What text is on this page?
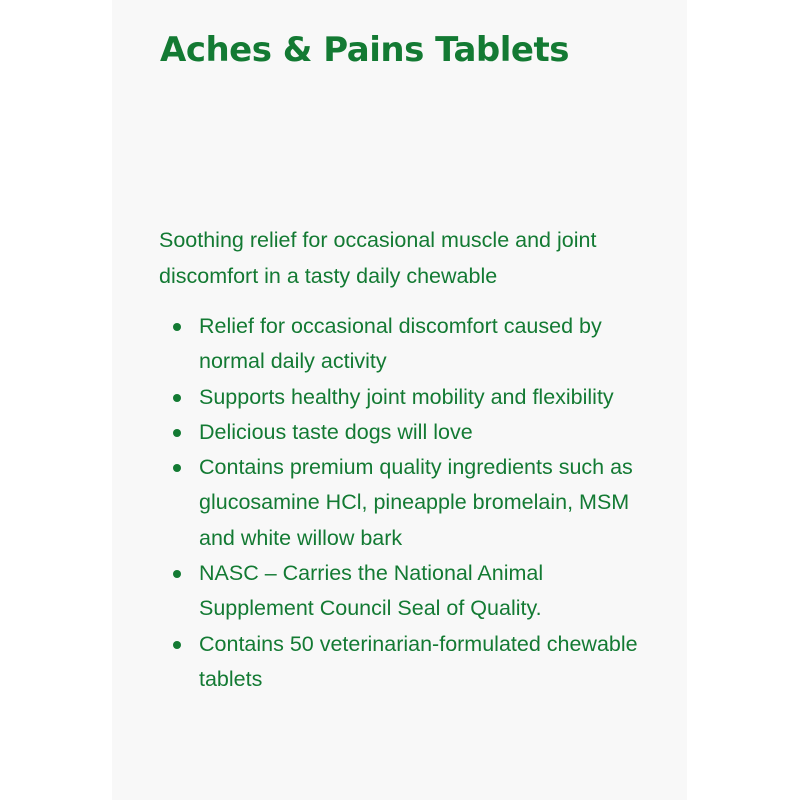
Aches & Pains Tablets

Soothing relief for occasional muscle and joint discomfort in a tasty daily chewable

Relief for occasional discomfort caused by normal daily activity
Supports healthy joint mobility and flexibility
Delicious taste dogs will love
Contains premium quality ingredients such as glucosamine HCl, pineapple bromelain, MSM and white willow bark
NASC – Carries the National Animal Supplement Council Seal of Quality.
Contains 50 veterinarian-formulated chewable tablets
